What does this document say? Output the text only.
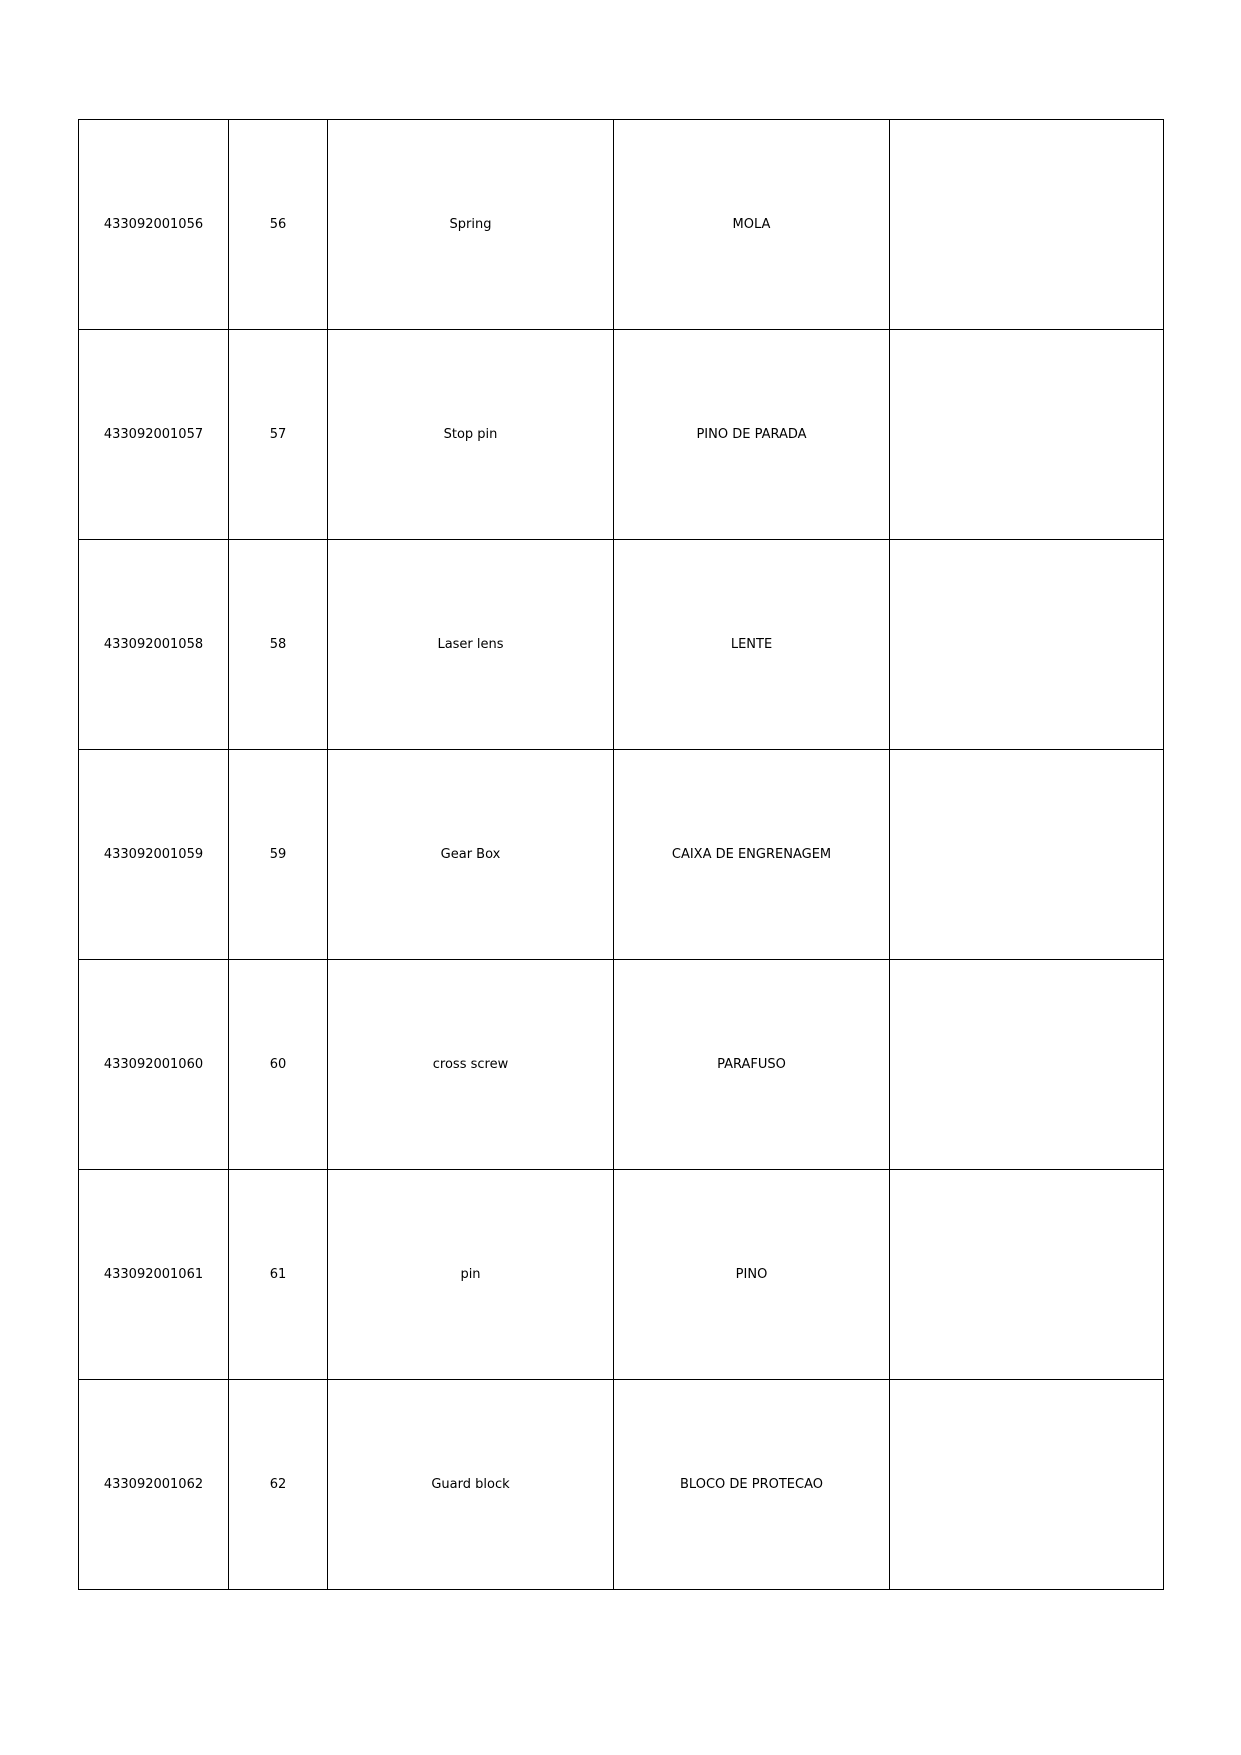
433092001056	56	Spring	MOLA	
433092001057	57	Stop pin	PINO DE PARADA	
433092001058	58	Laser lens	LENTE	
433092001059	59	Gear Box	CAIXA DE ENGRENAGEM	
433092001060	60	cross screw	PARAFUSO	
433092001061	61	pin	PINO	
433092001062	62	Guard block	BLOCO DE PROTECAO	
